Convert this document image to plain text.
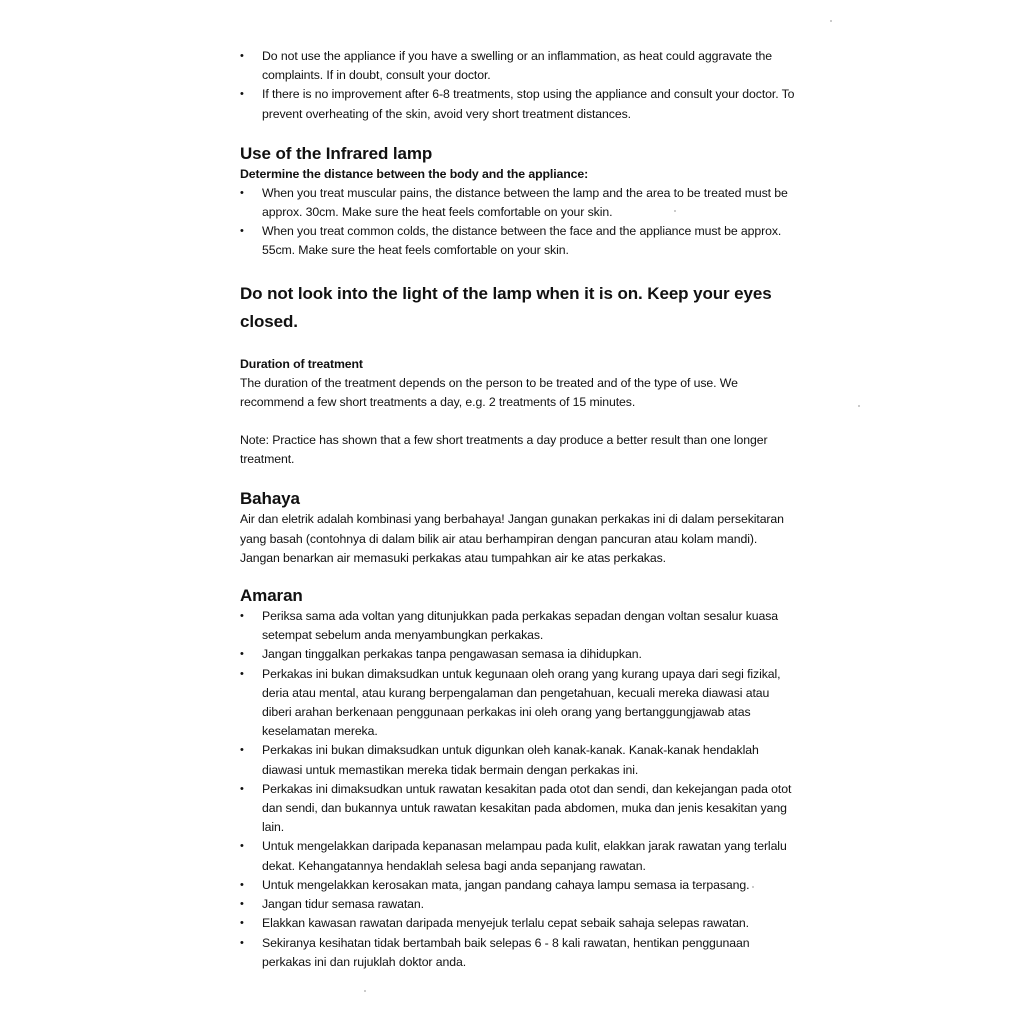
• Do not use the appliance if you have a swelling or an inflammation, as heat could aggravate the complaints. If in doubt, consult your doctor.
• If there is no improvement after 6-8 treatments, stop using the appliance and consult your doctor. To prevent overheating of the skin, avoid very short treatment distances.
Use of the Infrared lamp

Determine the distance between the body and the appliance:

• When you treat muscular pains, the distance between the lamp and the area to be treated must be approx. 30cm. Make sure the heat feels comfortable on your skin.
• When you treat common colds, the distance between the face and the appliance must be approx. 55cm. Make sure the heat feels comfortable on your skin.

Do not look into the light of the lamp when it is on. Keep your eyes closed.

Duration of treatment

The duration of the treatment depends on the person to be treated and of the type of use. We recommend a few short treatments a day, e.g. 2 treatments of 15 minutes.

Note: Practice has shown that a few short treatments a day produce a better result than one longer treatment.

Bahaya

Air dan eletrik adalah kombinasi yang berbahaya! Jangan gunakan perkakas ini di dalam persekitaran yang basah (contohnya di dalam bilik air atau berhampiran dengan pancuran atau kolam mandi). Jangan benarkan air memasuki perkakas atau tumpahkan air ke atas perkakas.

Amaran
• Periksa sama ada voltan yang ditunjukkan pada perkakas sepadan dengan voltan sesalur kuasa setempat sebelum anda menyambungkan perkakas.
• Jangan tinggalkan perkakas tanpa pengawasan semasa ia dihidupkan.
• Perkakas ini bukan dimaksudkan untuk kegunaan oleh orang yang kurang upaya dari segi fizikal, deria atau mental, atau kurang berpengalaman dan pengetahuan, kecuali mereka diawasi atau diberi arahan berkenaan penggunaan perkakas ini oleh orang yang bertanggungjawab atas keselamatan mereka.
• Perkakas ini bukan dimaksudkan untuk digunkan oleh kanak-kanak. Kanak-kanak hendaklah diawasi untuk memastikan mereka tidak bermain dengan perkakas ini.
• Perkakas ini dimaksudkan untuk rawatan kesakitan pada otot dan sendi, dan kekejangan pada otot dan sendi, dan bukannya untuk rawatan kesakitan pada abdomen, muka dan jenis kesakitan yang lain.
• Untuk mengelakkan daripada kepanasan melampau pada kulit, elakkan jarak rawatan yang terlalu dekat. Kehangatannya hendaklah selesa bagi anda sepanjang rawatan.
• Untuk mengelakkan kerosakan mata, jangan pandang cahaya lampu semasa ia terpasang.
• Jangan tidur semasa rawatan.
• Elakkan kawasan rawatan daripada menyejuk terlalu cepat sebaik sahaja selepas rawatan.
• Sekiranya kesihatan tidak bertambah baik selepas 6 - 8 kali rawatan, hentikan penggunaan perkakas ini dan rujuklah doktor anda.
